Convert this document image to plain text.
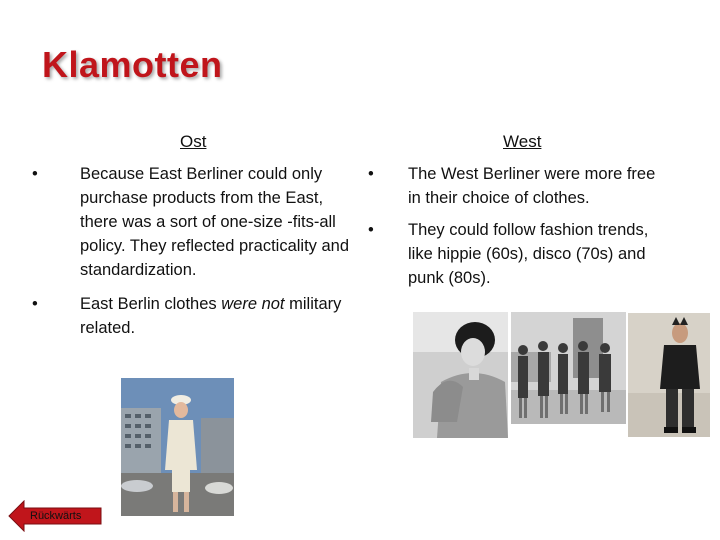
Klamotten
Ost	West
•	Because East Berliner could only purchase products from the East, there was a sort of one-size -fits-all policy. They reflected practicality and standardization.
•	East Berlin clothes were not military related.
• The West Berliner were more free in their choice of clothes.
• They could follow fashion trends, like hippie (60s), disco (70s) and punk (80s).
Rückwärts
